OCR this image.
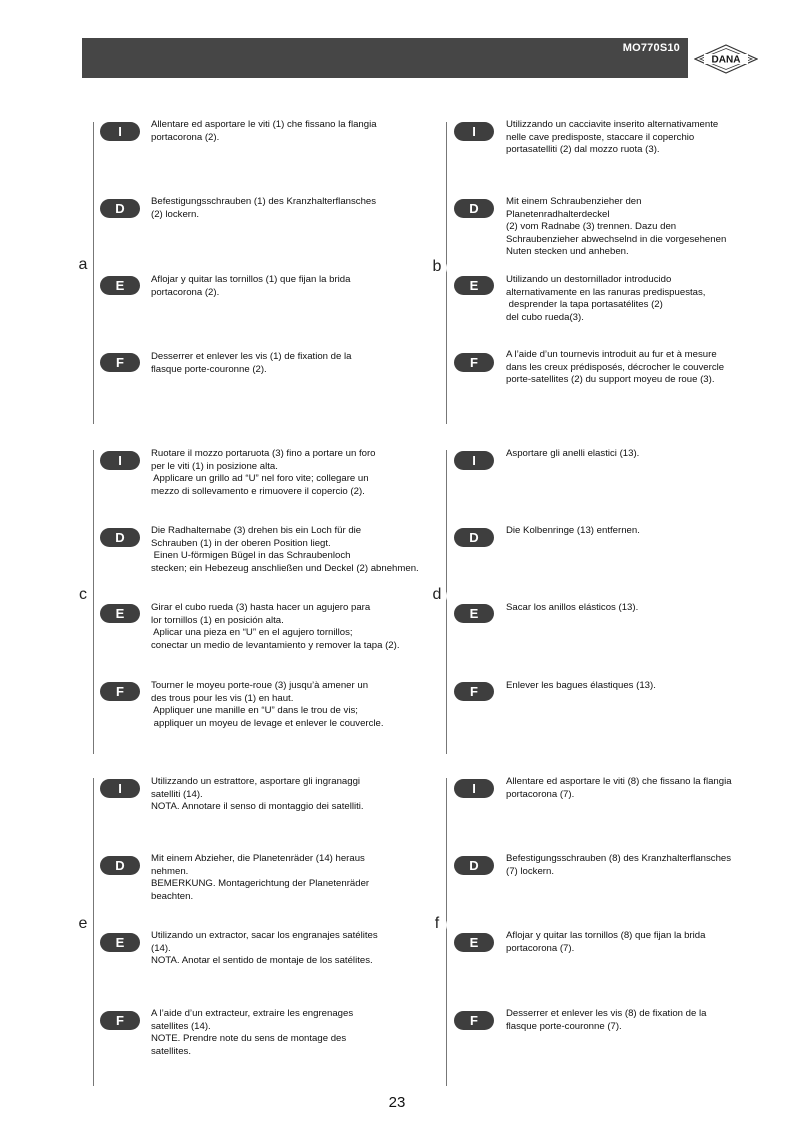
MO770S10
DANA
a
I	Allentare ed asportare le viti (1) che fissano la flangia
portacorona (2).
D	Befestigungsschrauben (1) des Kranzhalterflansches
(2) lockern.
E	Aflojar y quitar las tornillos (1) que fijan la brida
portacorona (2).
F	Desserrer et enlever les vis (1) de fixation de la
flasque porte-couronne (2).
b
I	Utilizzando un cacciavite inserito alternativamente
nelle cave predisposte, staccare il coperchio
portasatelliti (2) dal mozzo ruota (3).
D	Mit einem Schraubenzieher den
Planetenradhalterdeckel
(2) vom Radnabe (3) trennen. Dazu den
Schraubenzieher abwechselnd in die vorgesehenen
Nuten stecken und anheben.
E	Utilizando un destornillador introducido
alternativamente en las ranuras predispuestas,
desprender la tapa portasatélites (2)
del cubo rueda(3).
F
A l’aide d’un tournevis introduit au fur et à mesure
dans les creux prédisposés, décrocher le couvercle
porte-satellites (2) du support moyeu de roue (3).
c
I	Ruotare il mozzo portaruota (3) fino a portare un foro
per le viti (1) in posizione alta.
Applicare un grillo ad “U” nel foro vite; collegare un
mezzo di sollevamento e rimuovere il copercio (2).
D	Die Radhalternabe (3) drehen bis ein Loch für die
Schrauben (1) in der oberen Position liegt.
Einen U-förmigen Bügel in das Schraubenloch
stecken; ein Hebezeug anschließen und Deckel (2) abnehmen.
E	Girar el cubo rueda (3) hasta hacer un agujero para
lor tornillos (1) en posición alta.
Aplicar una pieza en “U” en el agujero tornillos;
conectar un medio de levantamiento y remover la tapa (2).
F	Tourner le moyeu porte-roue (3) jusqu’à amener un
des trous pour les vis (1) en haut.
Appliquer une manille en “U” dans le trou de vis;
appliquer un moyeu de levage et enlever le couvercle.
d
I	Asportare gli anelli elastici (13).
D	Die Kolbenringe (13) entfernen.
E	Sacar los anillos elásticos (13).
F	Enlever les bagues élastiques (13).
e
I	Utilizzando un estrattore, asportare gli ingranaggi
satelliti (14).
NOTA. Annotare il senso di montaggio dei satelliti.
D	Mit einem Abzieher, die Planetenräder (14) heraus
nehmen.
BEMERKUNG. Montagerichtung der Planetenräder
beachten.
E	Utilizando un extractor, sacar los engranajes satélites
(14).
NOTA. Anotar el sentido de montaje de los satélites.
F	A l’aide d’un extracteur, extraire les engrenages
satellites (14).
NOTE. Prendre note du sens de montage des
satellites.
f
I	Allentare ed asportare le viti (8) che fissano la flangia
portacorona (7).
D	Befestigungsschrauben (8) des Kranzhalterflansches
(7) lockern.
E	Aflojar y quitar las tornillos (8) que fijan la brida
portacorona (7).
F	Desserrer et enlever les vis (8) de fixation de la
flasque porte-couronne (7).
23
